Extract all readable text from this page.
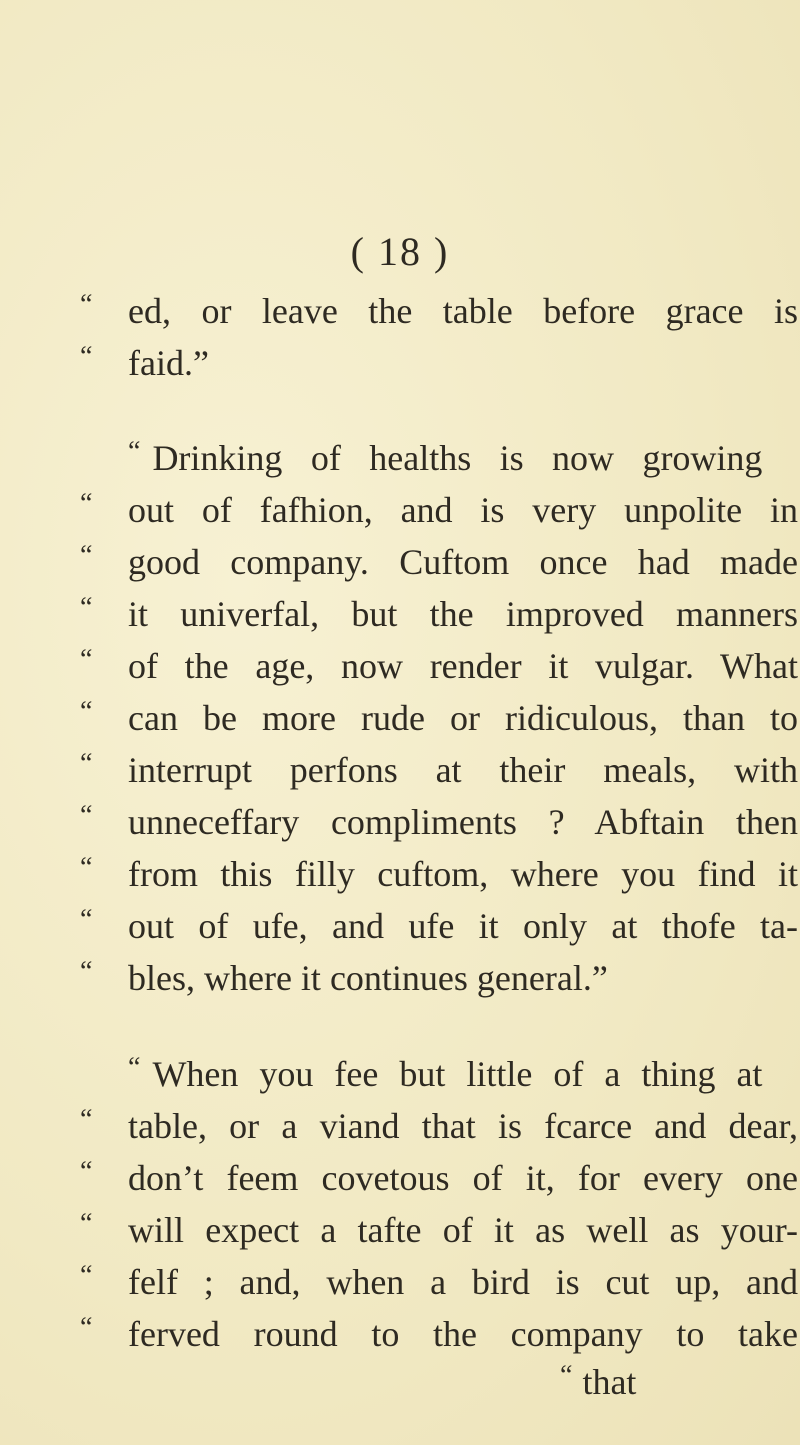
( 18 )
“ ed, or leave the table before grace is
“ faid.”
“ Drinking of healths is now growing
“ out of fafhion, and is very unpolite in
“ good company. Cuftom once had made
“ it univerfal, but the improved manners
“ of the age, now render it vulgar. What
“ can be more rude or ridiculous, than to
“ interrupt perfons at their meals, with
“ unneceffary compliments ? Abftain then
“ from this filly cuftom, where you find it
“ out of ufe, and ufe it only at thofe ta-
“ bles, where it continues general.”
“ When you fee but little of a thing at
“ table, or a viand that is fcarce and dear,
“ don’t feem covetous of it, for every one
“ will expect a tafte of it as well as your-
“ felf ; and, when a bird is cut up, and
“ ferved round to the company to take
“ that
